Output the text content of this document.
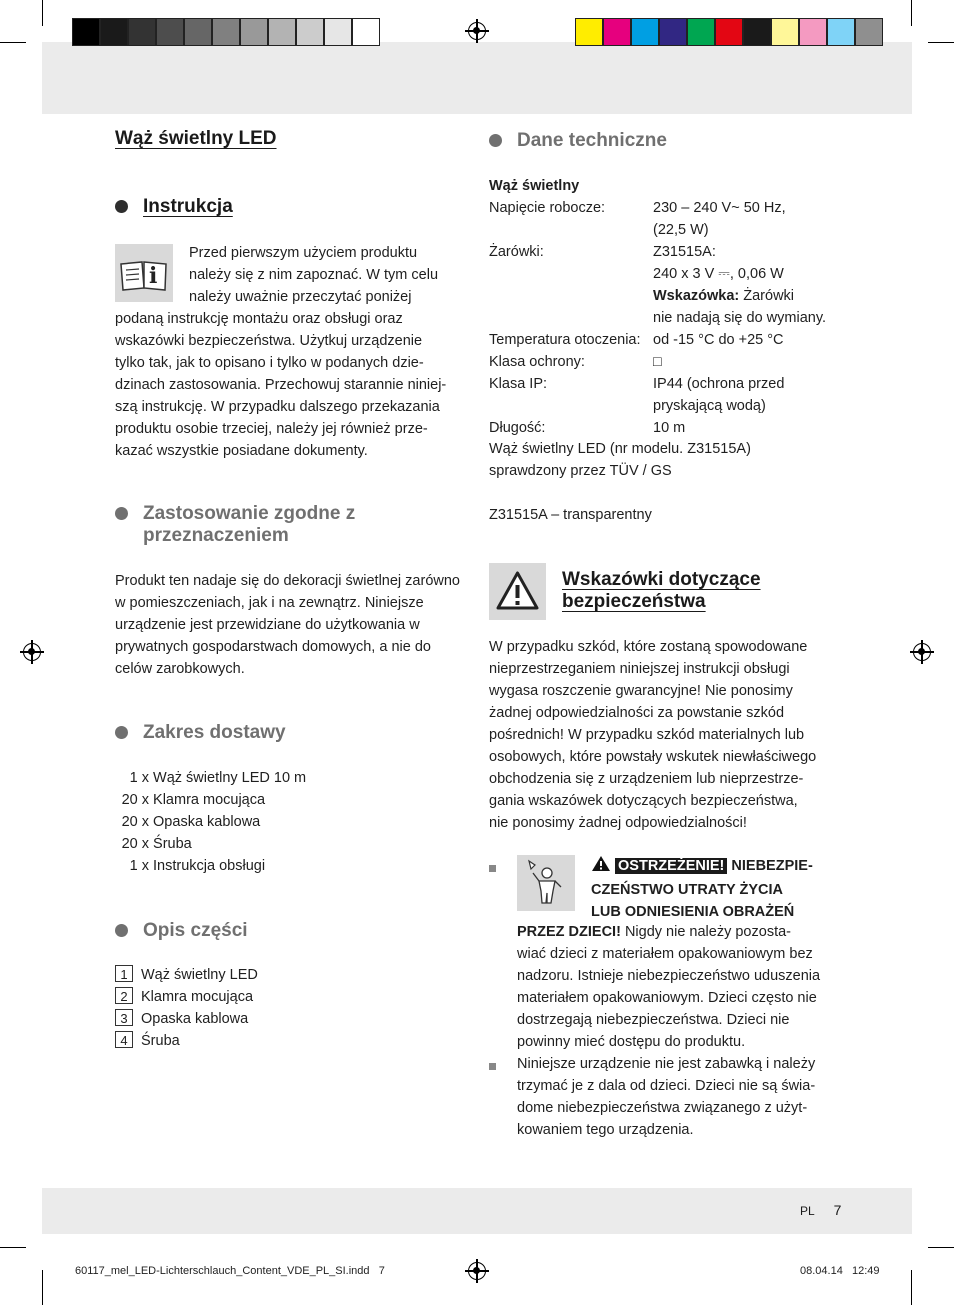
Wąż świetlny LED
Instrukcja
i
Przed pierwszym użyciem produktu
należy się z nim zapoznać. W tym celu
należy uważnie przeczytać poniżej
podaną instrukcję montażu oraz obsługi oraz
wskazówki bezpieczeństwa. Użytkuj urządzenie
tylko tak, jak to opisano i tylko w podanych dzie-
dzinach zastosowania. Przechowuj starannie niniej-
szą instrukcję. W przypadku dalszego przekazania
produktu osobie trzeciej, należy jej również prze-
kazać wszystkie posiadane dokumenty.
Zastosowanie zgodne z
przeznaczeniem
Produkt ten nadaje się do dekoracji świetlnej zarówno
w pomieszczeniach, jak i na zewnątrz. Niniejsze
urządzenie jest przewidziane do użytkowania w
prywatnych gospodarstwach domowych, a nie do
celów zarobkowych.
Zakres dostawy
1 x Wąż świetlny LED 10 m
20 x Klamra mocująca
20 x Opaska kablowa
20 x Śruba
1 x Instrukcja obsługi
Opis części
1 Wąż świetlny LED
2 Klamra mocująca
3 Opaska kablowa
4 Śruba
Dane techniczne
Wąż świetlny
Napięcie robocze:	230 – 240 V~ 50 Hz,
(22,5 W)

Żarówki:	Z31515A:
240 x 3 V ⎓, 0,06 W

	Wskazówka: Żarówki
nie nadają się do wymiany.

Temperatura otoczenia:	od -15 °C do +25 °C
Klasa ochrony:	□
Klasa IP:	IP44 (ochrona przed
pryskającą wodą)

Długość:	10 m
Wąż świetlny LED (nr modelu. Z31515A)
sprawdzony przez TÜV / GS
Z31515A – transparentny
Wskazówki dotyczące
bezpieczeństwa
W przypadku szkód, które zostaną spowodowane
nieprzestrzeganiem niniejszej instrukcji obsługi
wygasa roszczenie gwarancyjne! Nie ponosimy
żadnej odpowiedzialności za powstanie szkód
pośrednich! W przypadku szkód materialnych lub
osobowych, które powstały wskutek niewłaściwego
obchodzenia się z urządzeniem lub nieprzestrze-
gania wskazówek dotyczących bezpieczeństwa,
nie ponosimy żadnej odpowiedzialności!
OSTRZEŻENIE! NIEBEZPIE-
CZEŃSTWO UTRATY ŻYCIA
LUB ODNIESIENIA OBRAŻEŃ
PRZEZ DZIECI! Nigdy nie należy pozosta-
wiać dzieci z materiałem opakowaniowym bez
nadzoru. Istnieje niebezpieczeństwo uduszenia
materiałem opakowaniowym. Dzieci często nie
dostrzegają niebezpieczeństwa. Dzieci nie
powinny mieć dostępu do produktu.
Niniejsze urządzenie nie jest zabawką i należy
trzymać je z dala od dzieci. Dzieci nie są świa-
dome niebezpieczeństwa związanego z użyt-
kowaniem tego urządzenia.
PL 7
60117_mel_LED-Lichterschlauch_Content_VDE_PL_SI.indd   7	08.04.14   12:49
